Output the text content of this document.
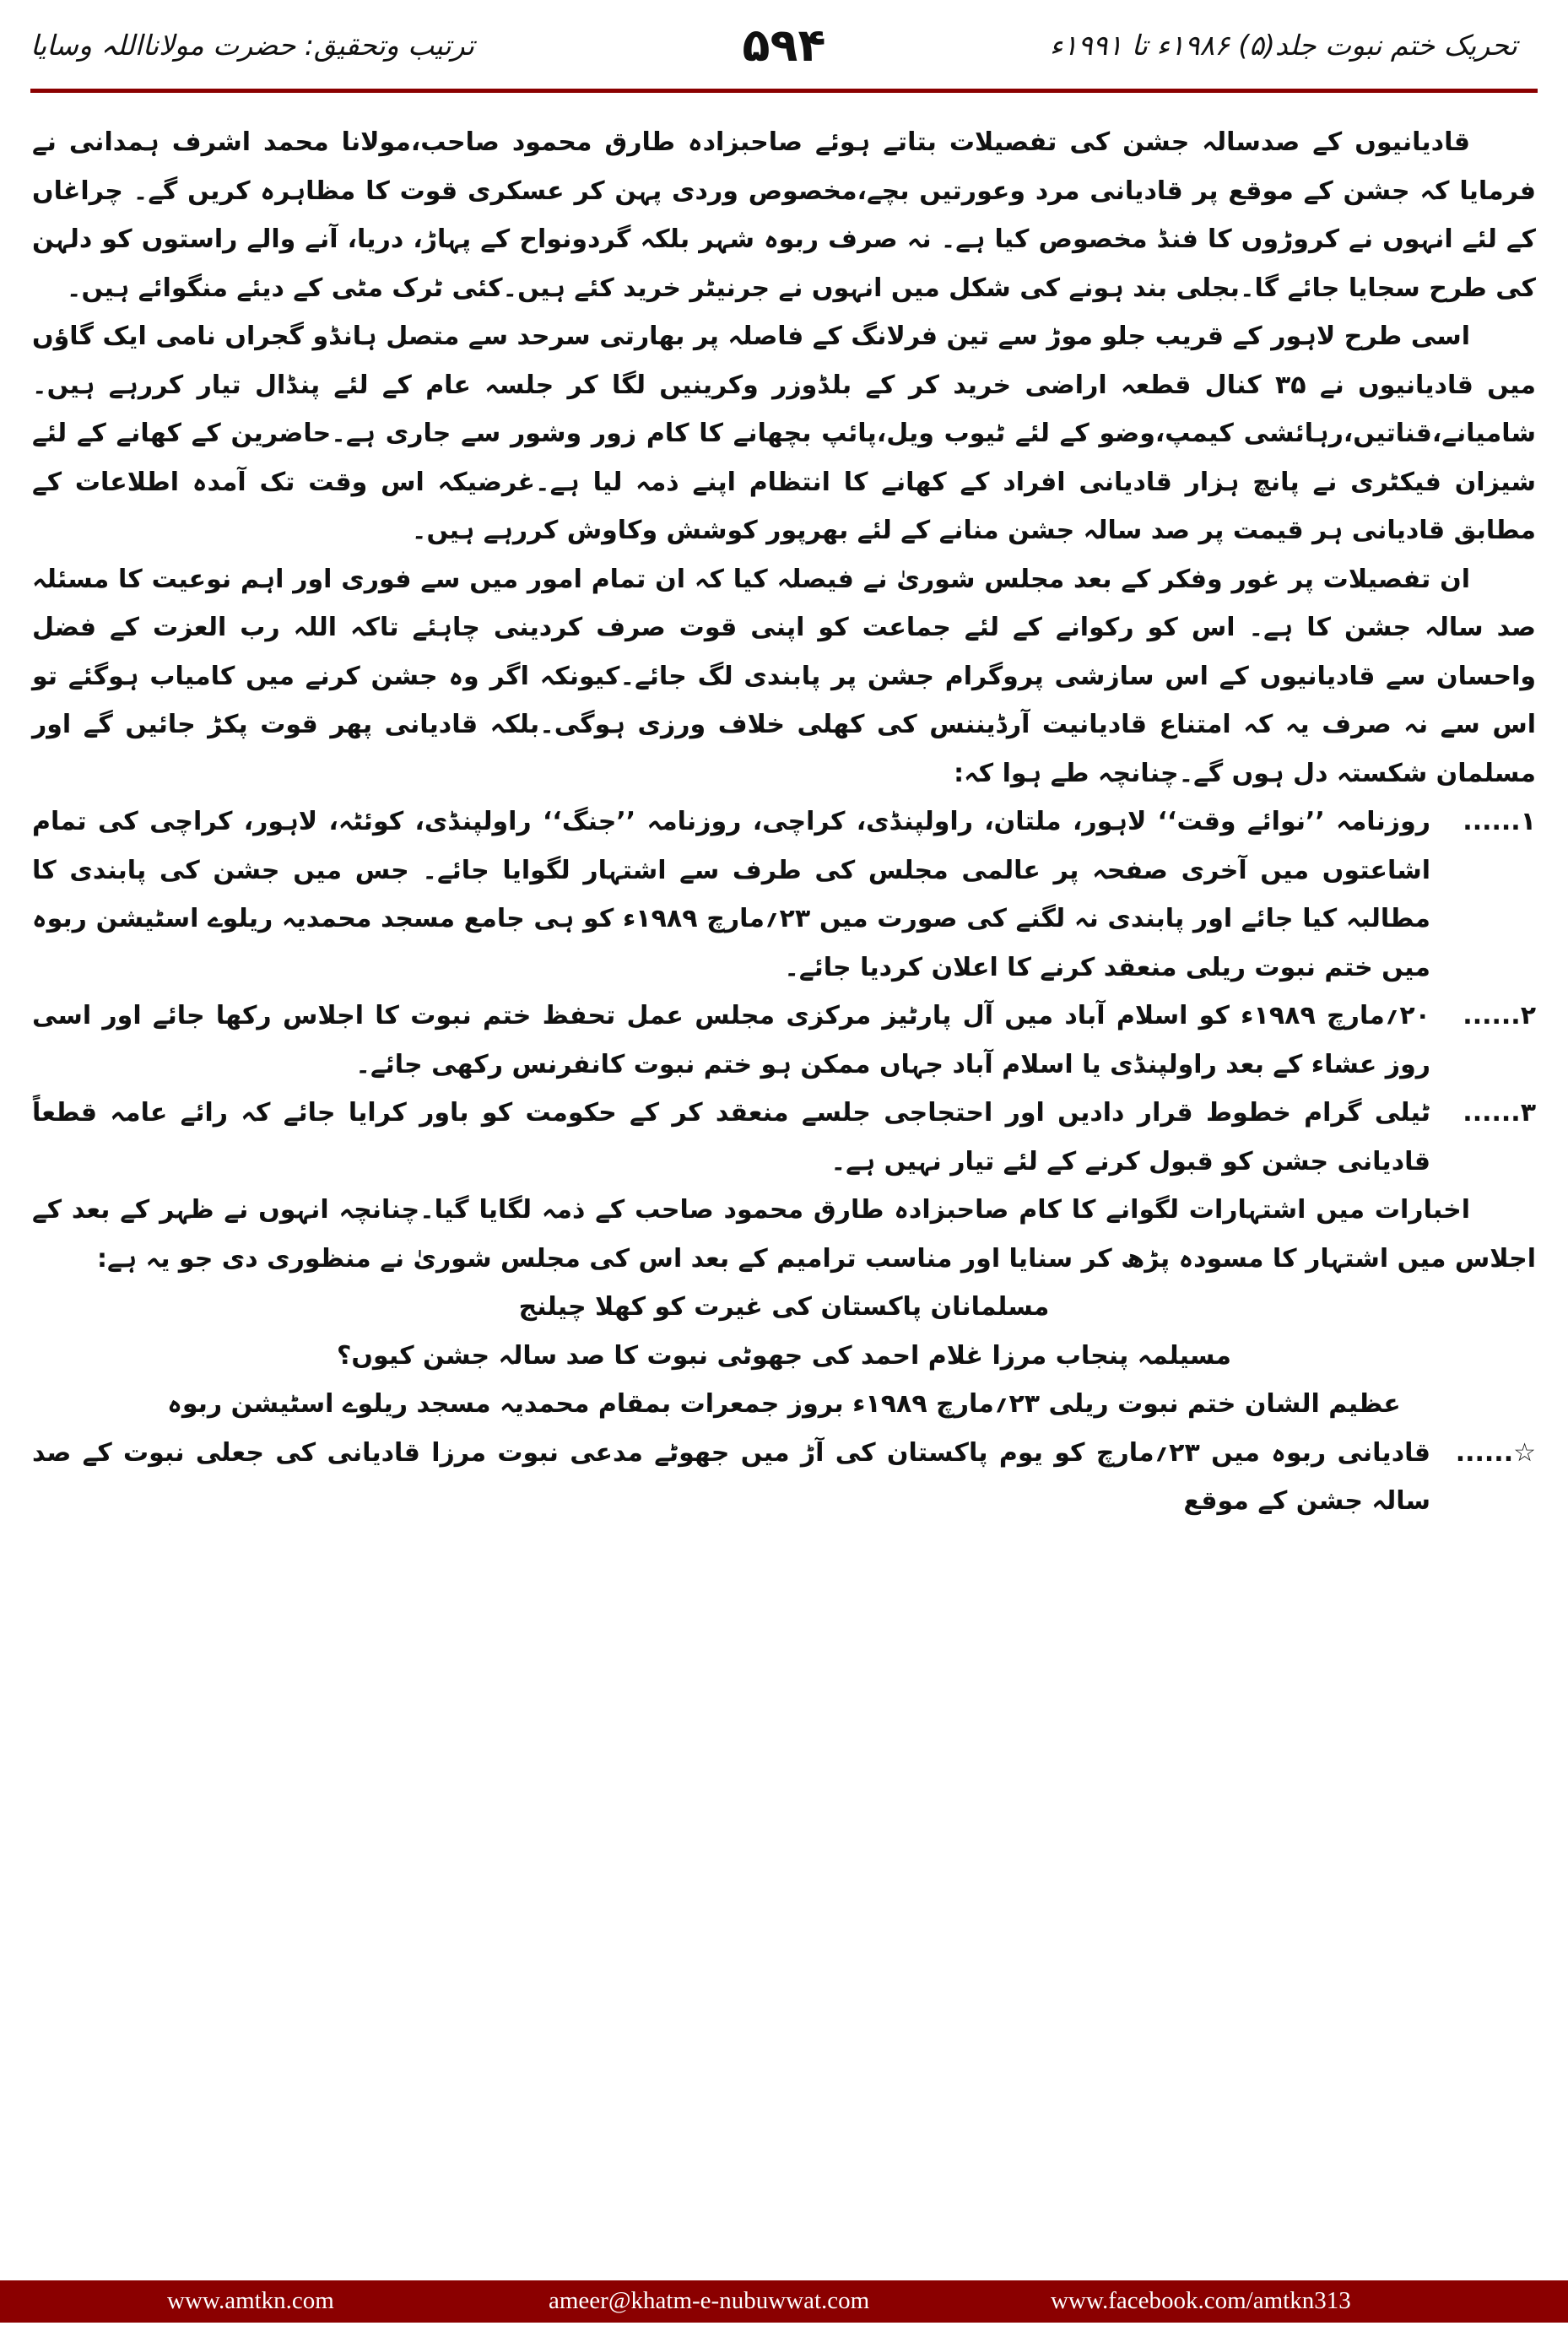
تحریک ختم نبوت جلد(۵) ۱۹۸۶ء تا ۱۹۹۱ء
۵۹۴
ترتیب وتحقیق: حضرت مولانااللہ وسایا

قادیانیوں کے صدسالہ جشن کی تفصیلات بتاتے ہوئے صاحبزادہ طارق محمود صاحب،مولانا محمد اشرف ہمدانی نے فرمایا کہ جشن کے موقع پر قادیانی مرد وعورتیں بچے،مخصوص وردی پہن کر عسکری قوت کا مظاہرہ کریں گے۔ چراغاں کے لئے انہوں نے کروڑوں کا فنڈ مخصوص کیا ہے۔ نہ صرف ربوہ شہر بلکہ گردونواح کے پہاڑ، دریا، آنے والے راستوں کو دلہن کی طرح سجایا جائے گا۔بجلی بند ہونے کی شکل میں انہوں نے جرنیٹر خرید کئے ہیں۔کئی ٹرک مٹی کے دیئے منگوائے ہیں۔

اسی طرح لاہور کے قریب جلو موڑ سے تین فرلانگ کے فاصلہ پر بھارتی سرحد سے متصل ہانڈو گجراں نامی ایک گاؤں میں قادیانیوں نے ۳۵ کنال قطعہ اراضی خرید کر کے بلڈوزر وکرینیں لگا کر جلسہ عام کے لئے پنڈال تیار کررہے ہیں۔شامیانے،قناتیں،رہائشی کیمپ،وضو کے لئے ٹیوب ویل،پائپ بچھانے کا کام زور وشور سے جاری ہے۔حاضرین کے کھانے کے لئے شیزان فیکٹری نے پانچ ہزار قادیانی افراد کے کھانے کا انتظام اپنے ذمہ لیا ہے۔غرضیکہ اس وقت تک آمدہ اطلاعات کے مطابق قادیانی ہر قیمت پر صد سالہ جشن منانے کے لئے بھرپور کوشش وکاوش کررہے ہیں۔

ان تفصیلات پر غور وفکر کے بعد مجلس شوریٰ نے فیصلہ کیا کہ ان تمام امور میں سے فوری اور اہم نوعیت کا مسئلہ صد سالہ جشن کا ہے۔ اس کو رکوانے کے لئے جماعت کو اپنی قوت صرف کردینی چاہئے تاکہ اللہ رب العزت کے فضل واحسان سے قادیانیوں کے اس سازشی پروگرام جشن پر پابندی لگ جائے۔کیونکہ اگر وہ جشن کرنے میں کامیاب ہوگئے تو اس سے نہ صرف یہ کہ امتناع قادیانیت آرڈیننس کی کھلی خلاف ورزی ہوگی۔بلکہ قادیانی پھر قوت پکڑ جائیں گے اور مسلمان شکستہ دل ہوں گے۔چنانچہ طے ہوا کہ:

۱......
روزنامہ ’’نوائے وقت‘‘ لاہور، ملتان، راولپنڈی، کراچی، روزنامہ ’’جنگ‘‘ راولپنڈی، کوئٹہ، لاہور، کراچی کی تمام اشاعتوں میں آخری صفحہ پر عالمی مجلس کی طرف سے اشتہار لگوایا جائے۔ جس میں جشن کی پابندی کا مطالبہ کیا جائے اور پابندی نہ لگنے کی صورت میں ۲۳؍مارچ ۱۹۸۹ء کو ہی جامع مسجد محمدیہ ریلوے اسٹیشن ربوہ میں ختم نبوت ریلی منعقد کرنے کا اعلان کردیا جائے۔
۲......
۲۰؍مارچ ۱۹۸۹ء کو اسلام آباد میں آل پارٹیز مرکزی مجلس عمل تحفظ ختم نبوت کا اجلاس رکھا جائے اور اسی روز عشاء کے بعد راولپنڈی یا اسلام آباد جہاں ممکن ہو ختم نبوت کانفرنس رکھی جائے۔
۳......
ٹیلی گرام خطوط قرار دادیں اور احتجاجی جلسے منعقد کر کے حکومت کو باور کرایا جائے کہ رائے عامہ قطعاً قادیانی جشن کو قبول کرنے کے لئے تیار نہیں ہے۔

اخبارات میں اشتہارات لگوانے کا کام صاحبزادہ طارق محمود صاحب کے ذمہ لگایا گیا۔چنانچہ انہوں نے ظہر کے بعد کے اجلاس میں اشتہار کا مسودہ پڑھ کر سنایا اور مناسب ترامیم کے بعد اس کی مجلس شوریٰ نے منظوری دی جو یہ ہے:

مسلمانان پاکستان کی غیرت کو کھلا چیلنج

مسیلمہ پنجاب مرزا غلام احمد کی جھوٹی نبوت کا صد سالہ جشن کیوں؟

عظیم الشان ختم نبوت ریلی ۲۳؍مارچ ۱۹۸۹ء بروز جمعرات بمقام محمدیہ مسجد ریلوے اسٹیشن ربوہ

☆......
قادیانی ربوہ میں ۲۳؍مارچ کو یوم پاکستان کی آڑ میں جھوٹے مدعی نبوت مرزا قادیانی کی جعلی نبوت کے صد سالہ جشن کے موقع
www.amtkn.com	ameer@khatm-e-nubuwwat.com	www.facebook.com/amtkn313
